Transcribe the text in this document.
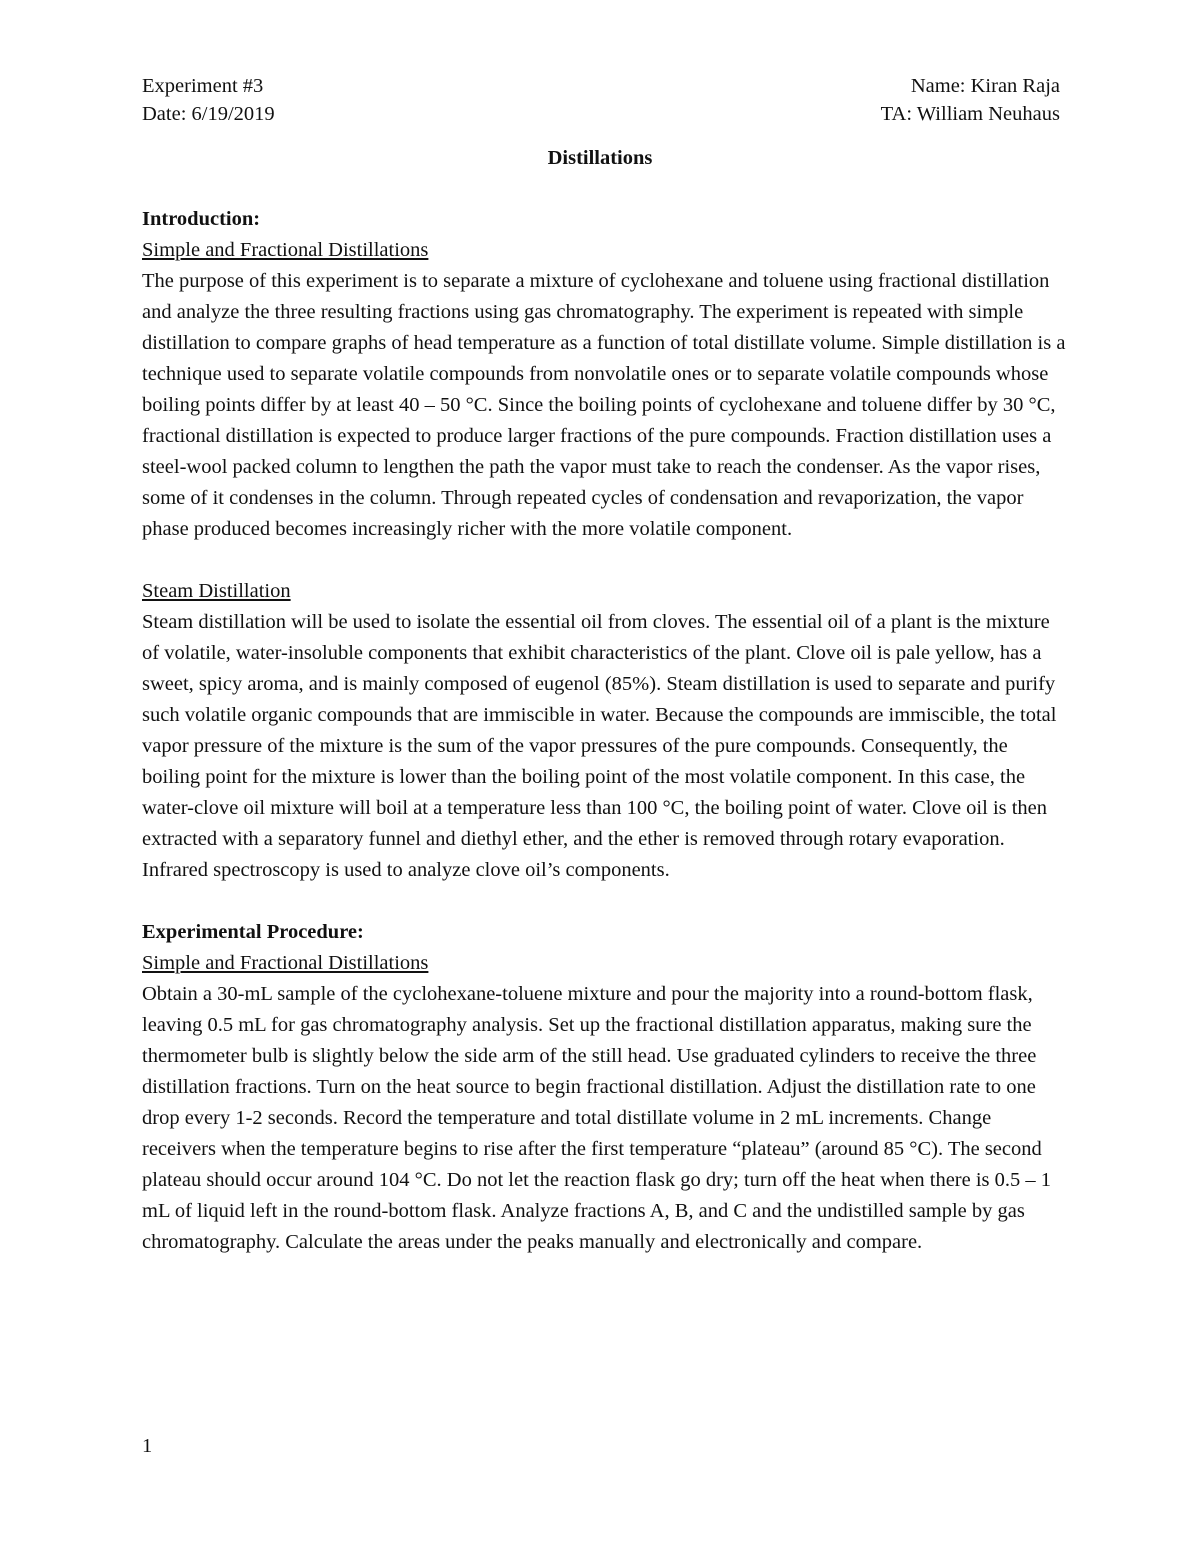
Experiment #3	Name: Kiran Raja
Date: 6/19/2019	TA: William Neuhaus
Distillations

Introduction:

Simple and Fractional Distillations

The purpose of this experiment is to separate a mixture of cyclohexane and toluene using fractional distillation and analyze the three resulting fractions using gas chromatography. The experiment is repeated with simple distillation to compare graphs of head temperature as a function of total distillate volume. Simple distillation is a technique used to separate volatile compounds from nonvolatile ones or to separate volatile compounds whose boiling points differ by at least 40 – 50 °C. Since the boiling points of cyclohexane and toluene differ by 30 °C, fractional distillation is expected to produce larger fractions of the pure compounds. Fraction distillation uses a steel-wool packed column to lengthen the path the vapor must take to reach the condenser. As the vapor rises, some of it condenses in the column. Through repeated cycles of condensation and revaporization, the vapor phase produced becomes increasingly richer with the more volatile component.

Steam Distillation

Steam distillation will be used to isolate the essential oil from cloves. The essential oil of a plant is the mixture of volatile, water-insoluble components that exhibit characteristics of the plant. Clove oil is pale yellow, has a sweet, spicy aroma, and is mainly composed of eugenol (85%). Steam distillation is used to separate and purify such volatile organic compounds that are immiscible in water. Because the compounds are immiscible, the total vapor pressure of the mixture is the sum of the vapor pressures of the pure compounds. Consequently, the boiling point for the mixture is lower than the boiling point of the most volatile component. In this case, the water-clove oil mixture will boil at a temperature less than 100 °C, the boiling point of water. Clove oil is then extracted with a separatory funnel and diethyl ether, and the ether is removed through rotary evaporation. Infrared spectroscopy is used to analyze clove oil’s components.

Experimental Procedure:

Simple and Fractional Distillations

Obtain a 30-mL sample of the cyclohexane-toluene mixture and pour the majority into a round-bottom flask, leaving 0.5 mL for gas chromatography analysis. Set up the fractional distillation apparatus, making sure the thermometer bulb is slightly below the side arm of the still head. Use graduated cylinders to receive the three distillation fractions. Turn on the heat source to begin fractional distillation. Adjust the distillation rate to one drop every 1-2 seconds. Record the temperature and total distillate volume in 2 mL increments. Change receivers when the temperature begins to rise after the first temperature “plateau” (around 85 °C). The second plateau should occur around 104 °C. Do not let the reaction flask go dry; turn off the heat when there is 0.5 – 1 mL of liquid left in the round-bottom flask. Analyze fractions A, B, and C and the undistilled sample by gas chromatography. Calculate the areas under the peaks manually and electronically and compare.

1
